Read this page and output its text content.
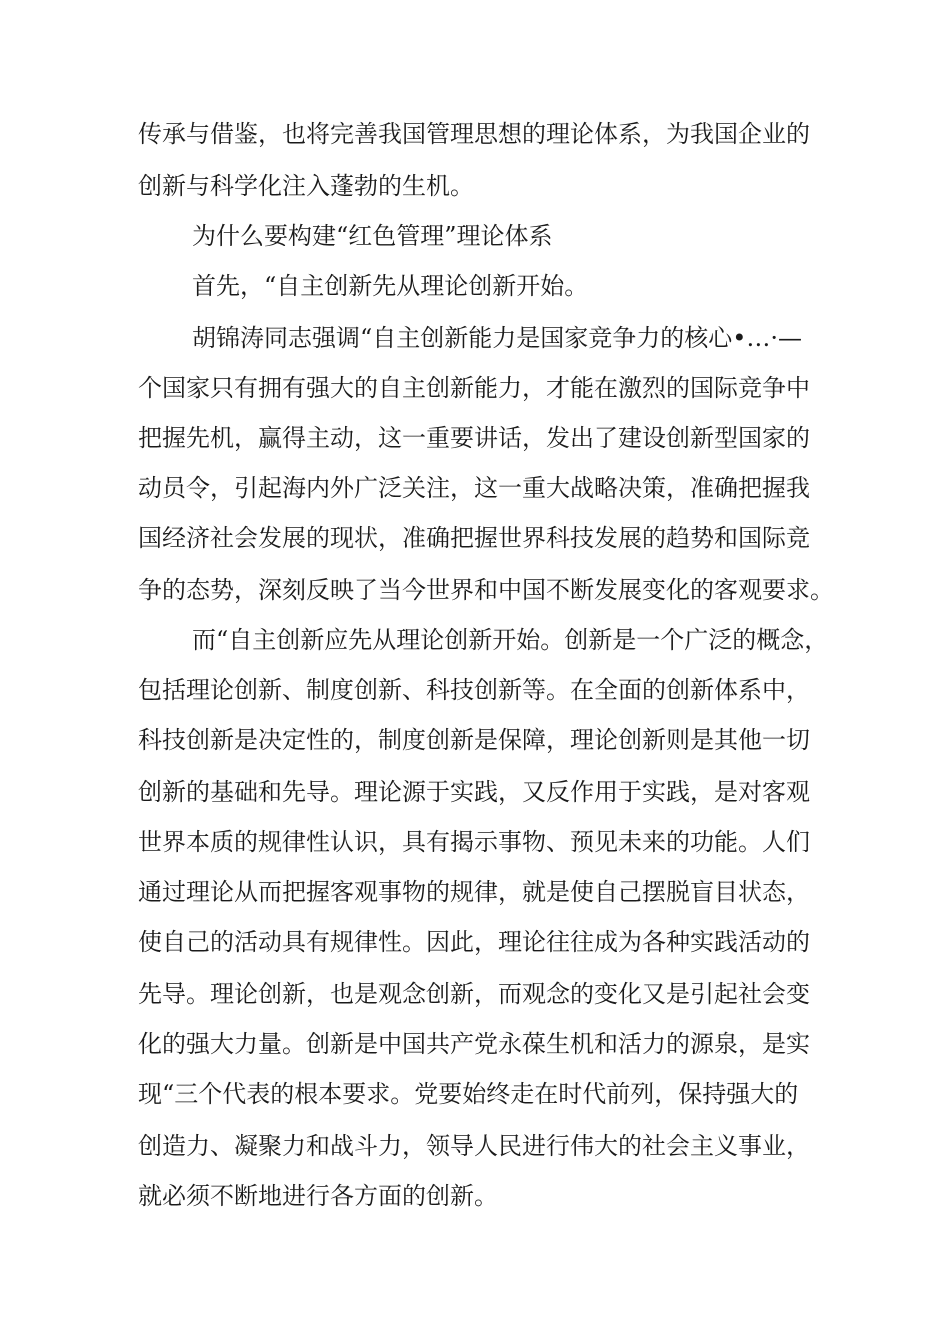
传承与借鉴，也将完善我国管理思想的理论体系，为我国企业的
创新与科学化注入蓬勃的生机。
为什么要构建“红色管理”理论体系
首先，“自主创新先从理论创新开始。
胡锦涛同志强调“自主创新能力是国家竞争力的核心•…·—
个国家只有拥有强大的自主创新能力，才能在激烈的国际竞争中
把握先机，赢得主动，这一重要讲话，发出了建设创新型国家的
动员令，引起海内外广泛关注，这一重大战略决策，准确把握我
国经济社会发展的现状，准确把握世界科技发展的趋势和国际竞
争的态势，深刻反映了当今世界和中国不断发展变化的客观要求。
而“自主创新应先从理论创新开始。创新是一个广泛的概念，
包括理论创新、制度创新、科技创新等。在全面的创新体系中，
科技创新是决定性的，制度创新是保障，理论创新则是其他一切
创新的基础和先导。理论源于实践，又反作用于实践，是对客观
世界本质的规律性认识，具有揭示事物、预见未来的功能。人们
通过理论从而把握客观事物的规律，就是使自己摆脱盲目状态，
使自己的活动具有规律性。因此，理论往往成为各种实践活动的
先导。理论创新，也是观念创新，而观念的变化又是引起社会变
化的强大力量。创新是中国共产党永葆生机和活力的源泉，是实
现“三个代表的根本要求。党要始终走在时代前列，保持强大的
创造力、凝聚力和战斗力，领导人民进行伟大的社会主义事业，
就必须不断地进行各方面的创新。
